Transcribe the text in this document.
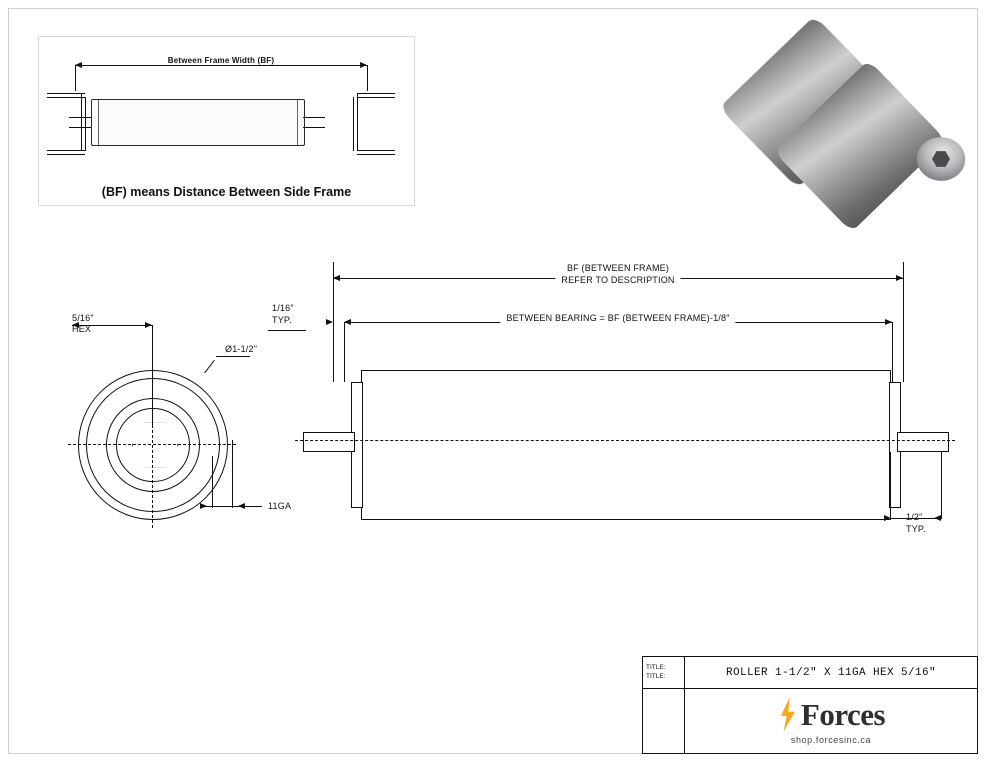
Between Frame Width (BF)
(BF) means Distance Between Side Frame
5/16"
HEX
Ø1-1/2"
11GA
BF (BETWEEN FRAME)
REFER TO DESCRIPTION
BETWEEN BEARING = BF (BETWEEN FRAME)-1/8"
1/16"
TYP.
1/2"
TYP.
TITLE:
TITLE:	ROLLER 1-1/2" X 11GA HEX 5/16"
Forces
shop.forcesinc.ca
